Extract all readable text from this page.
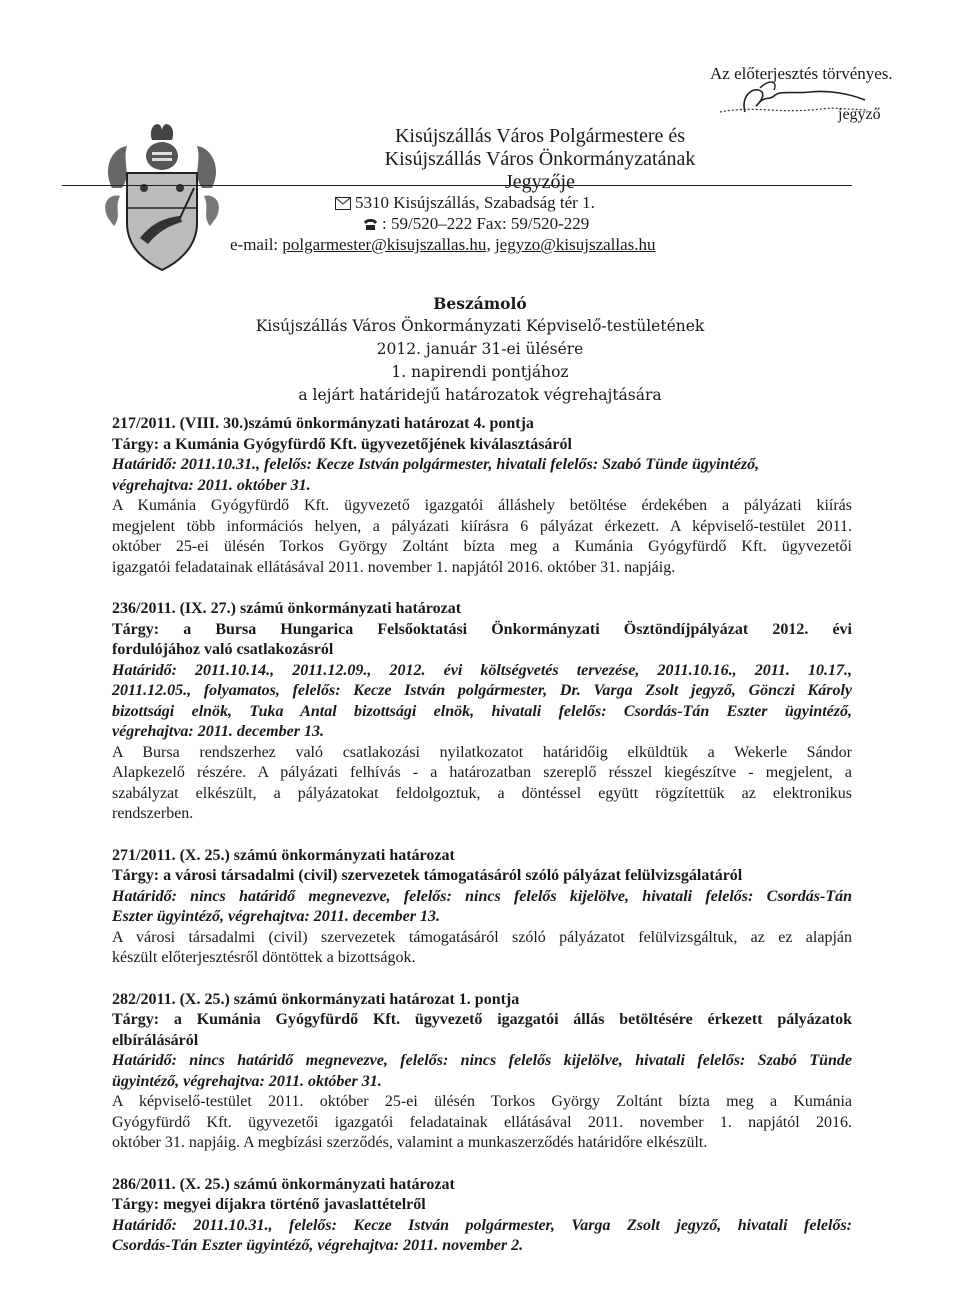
Az előterjesztés törvényes.
jegyző
Kisújszállás Város Polgármestere és
Kisújszállás Város Önkormányzatának
Jegyzője
5310 Kisújszállás, Szabadság tér 1.
: 59/520–222 Fax: 59/520-229
e-mail: polgarmester@kisujszallas.hu, jegyzo@kisujszallas.hu
Beszámoló
Kisújszállás Város Önkormányzati Képviselő-testületének
2012. január 31-ei ülésére
1. napirendi pontjához
a lejárt határidejű határozatok végrehajtására
217/2011. (VIII. 30.)számú önkormányzati határozat 4. pontja
Tárgy: a Kumánia Gyógyfürdő Kft. ügyvezetőjének kiválasztásáról
Határidő: 2011.10.31., felelős: Kecze István polgármester, hivatali felelős: Szabó Tünde ügyintéző,
végrehajtva: 2011. október 31.
A Kumánia Gyógyfürdő Kft. ügyvezető igazgatói álláshely betöltése érdekében a pályázati kiírás
megjelent több információs helyen, a pályázati kiírásra 6 pályázat érkezett. A képviselő-testület 2011.
október 25-ei ülésén Torkos György Zoltánt bízta meg a Kumánia Gyógyfürdő Kft. ügyvezetői
igazgatói feladatainak ellátásával 2011. november 1. napjától 2016. október 31. napjáig.
236/2011. (IX. 27.) számú önkormányzati határozat
Tárgy: a Bursa Hungarica Felsőoktatási Önkormányzati Ösztöndíjpályázat 2012. évi
fordulójához való csatlakozásról
Határidő: 2011.10.14., 2011.12.09., 2012. évi költségvetés tervezése, 2011.10.16., 2011. 10.17.,
2011.12.05., folyamatos, felelős: Kecze István polgármester, Dr. Varga Zsolt jegyző, Gönczi Károly
bizottsági elnök, Tuka Antal bizottsági elnök, hivatali felelős: Csordás-Tán Eszter ügyintéző,
végrehajtva: 2011. december 13.
A Bursa rendszerhez való csatlakozási nyilatkozatot határidőig elküldtük a Wekerle Sándor
Alapkezelő részére. A pályázati felhívás - a határozatban szereplő résszel kiegészítve - megjelent, a
szabályzat elkészült, a pályázatokat feldolgoztuk, a döntéssel együtt rögzítettük az elektronikus
rendszerben.
271/2011. (X. 25.) számú önkormányzati határozat
Tárgy: a városi társadalmi (civil) szervezetek támogatásáról szóló pályázat felülvizsgálatáról
Határidő: nincs határidő megnevezve, felelős: nincs felelős kijelölve, hivatali felelős: Csordás-Tán
Eszter ügyintéző, végrehajtva: 2011. december 13.
A városi társadalmi (civil) szervezetek támogatásáról szóló pályázatot felülvizsgáltuk, az ez alapján
készült előterjesztésről döntöttek a bizottságok.
282/2011. (X. 25.) számú önkormányzati határozat 1. pontja
Tárgy: a Kumánia Gyógyfürdő Kft. ügyvezető igazgatói állás betöltésére érkezett pályázatok
elbírálásáról
Határidő: nincs határidő megnevezve, felelős: nincs felelős kijelölve, hivatali felelős: Szabó Tünde
ügyintéző, végrehajtva: 2011. október 31.
A képviselő-testület 2011. október 25-ei ülésén Torkos György Zoltánt bízta meg a Kumánia
Gyógyfürdő Kft. ügyvezetői igazgatói feladatainak ellátásával 2011. november 1. napjától 2016.
október 31. napjáig. A megbízási szerződés, valamint a munkaszerződés határidőre elkészült.
286/2011. (X. 25.) számú önkormányzati határozat
Tárgy: megyei díjakra történő javaslattételről
Határidő: 2011.10.31., felelős: Kecze István polgármester, Varga Zsolt jegyző, hivatali felelős:
Csordás-Tán Eszter ügyintéző, végrehajtva: 2011. november 2.
